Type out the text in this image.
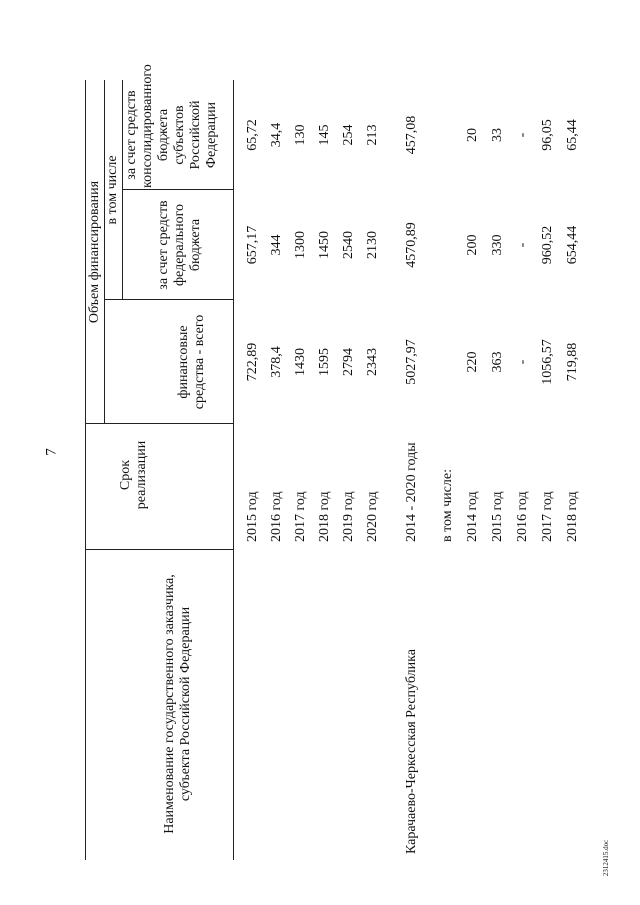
7
Наименование государственного заказчика, субъекта Российской Федерации
Срок реализации
Объем финансирования
финансовые средства - всего
в том числе
за счет средств федерального бюджета
за счет средств консолидированного бюджета субъектов Российской Федерации
2015 год
722,89
657,17
65,72
2016 год
378,4
344
34,4
2017 год
1430
1300
130
2018 год
1595
1450
145
2019 год
2794
2540
254
2020 год
2343
2130
213
Карачаево-Черкесская Республика
2014 - 2020 годы
5027,97
4570,89
457,08
в том числе: 2014 год
220
200
20
2015 год
363
330
33
2016 год
-
-
-
2017 год
1056,57
960,52
96,05
2018 год
719,88
654,44
65,44
2312415.doc
